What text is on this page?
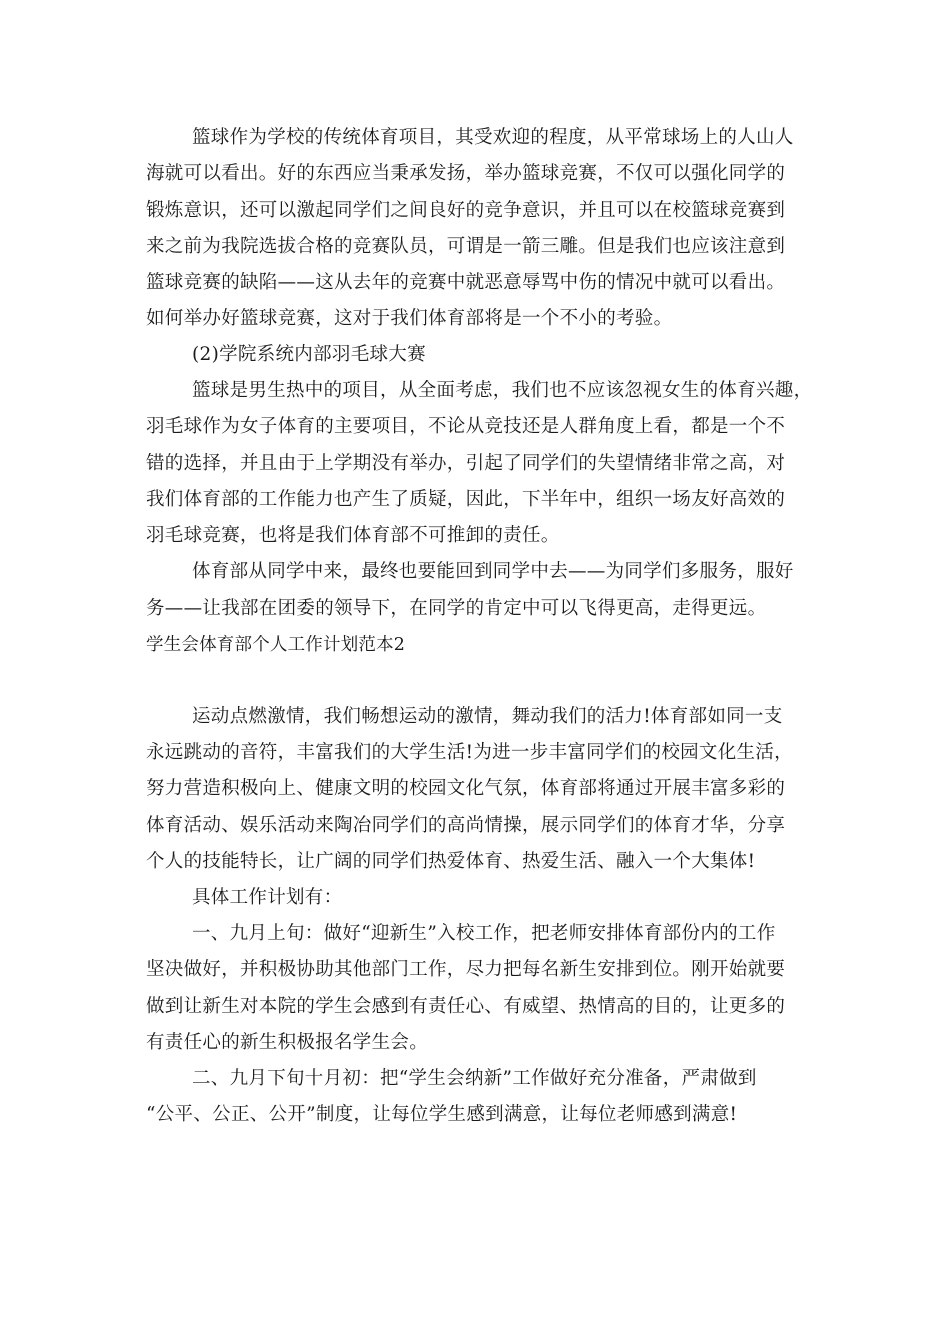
篮球作为学校的传统体育项目，其受欢迎的程度，从平常球场上的人山人
海就可以看出。好的东西应当秉承发扬，举办篮球竞赛，不仅可以强化同学的
锻炼意识，还可以激起同学们之间良好的竞争意识，并且可以在校篮球竞赛到
来之前为我院选拔合格的竞赛队员，可谓是一箭三雕。但是我们也应该注意到
篮球竞赛的缺陷——这从去年的竞赛中就恶意辱骂中伤的情况中就可以看出。
如何举办好篮球竞赛，这对于我们体育部将是一个不小的考验。
(2)学院系统内部羽毛球大赛
篮球是男生热中的项目，从全面考虑，我们也不应该忽视女生的体育兴趣，
羽毛球作为女子体育的主要项目，不论从竞技还是人群角度上看，都是一个不
错的选择，并且由于上学期没有举办，引起了同学们的失望情绪非常之高，对
我们体育部的工作能力也产生了质疑，因此，下半年中，组织一场友好高效的
羽毛球竞赛，也将是我们体育部不可推卸的责任。
体育部从同学中来，最终也要能回到同学中去——为同学们多服务，服好
务——让我部在团委的领导下，在同学的肯定中可以飞得更高，走得更远。
学生会体育部个人工作计划范本2
运动点燃激情，我们畅想运动的激情，舞动我们的活力!体育部如同一支
永远跳动的音符，丰富我们的大学生活!为进一步丰富同学们的校园文化生活，
努力营造积极向上、健康文明的校园文化气氛，体育部将通过开展丰富多彩的
体育活动、娱乐活动来陶冶同学们的高尚情操，展示同学们的体育才华，分享
个人的技能特长，让广阔的同学们热爱体育、热爱生活、融入一个大集体!
具体工作计划有：
一、九月上旬：做好“迎新生”入校工作，把老师安排体育部份内的工作
坚决做好，并积极协助其他部门工作，尽力把每名新生安排到位。刚开始就要
做到让新生对本院的学生会感到有责任心、有威望、热情高的目的，让更多的
有责任心的新生积极报名学生会。
二、九月下旬十月初：把“学生会纳新”工作做好充分准备，严肃做到
“公平、公正、公开”制度，让每位学生感到满意，让每位老师感到满意!
